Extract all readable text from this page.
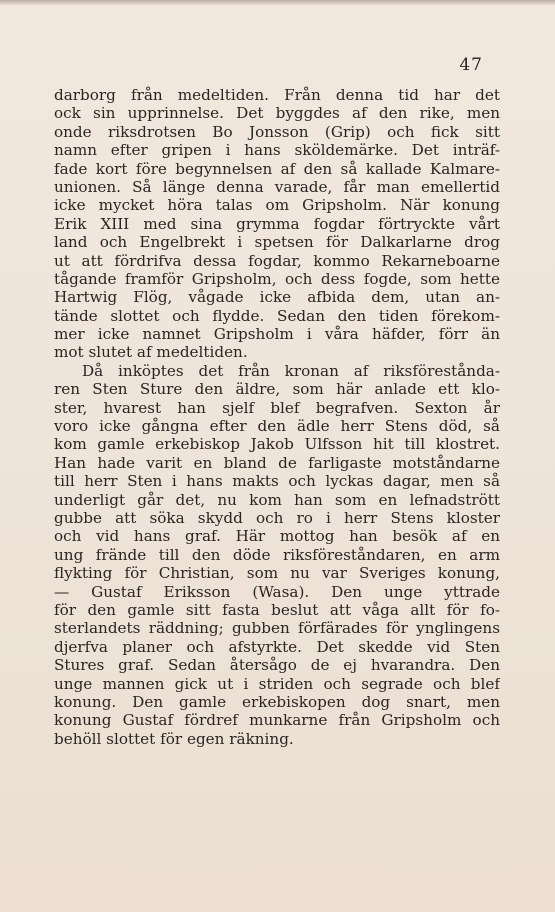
47
darborg från medeltiden. Från denna tid har det
ock sin upprinnelse. Det byggdes af den rike, men
onde riksdrotsen Bo Jonsson (Grip) och fick sitt
namn efter gripen i hans sköldemärke. Det inträf-
fade kort före begynnelsen af den så kallade Kalmare-
unionen. Så länge denna varade, får man emellertid
icke mycket höra talas om Gripsholm. När konung
Erik XIII med sina grymma fogdar förtryckte vårt
land och Engelbrekt i spetsen för Dalkarlarne drog
ut att fördrifva dessa fogdar, kommo Rekarneboarne
tågande framför Gripsholm, och dess fogde, som hette
Hartwig Flög, vågade icke afbida dem, utan an-
tände slottet och flydde. Sedan den tiden förekom-
mer icke namnet Gripsholm i våra häfder, förr än
mot slutet af medeltiden.
Då inköptes det från kronan af riksföreståndа-
ren Sten Sture den äldre, som här anlade ett klo-
ster, hvarest han sjelf blef begrafven. Sexton år
voro icke gångna efter den ädle herr Stens död, så
kom gamle erkebiskop Jakob Ulfsson hit till klostret.
Han hade varit en bland de farligaste motståndarne
till herr Sten i hans makts och lyckas dagar, men så
underligt går det, nu kom han som en lefnadstrött
gubbe att söka skydd och ro i herr Stens kloster
och vid hans graf. Här mottog han besök af en
ung frände till den döde riksföreståndaren, en arm
flykting för Christian, som nu var Sveriges konung,
— Gustaf Eriksson (Wasa). Den unge yttrade
för den gamle sitt fasta beslut att våga allt för fo-
sterlandets räddning; gubben förfärades för ynglingens
djerfva planer och afstyrkte. Det skedde vid Sten
Stures graf. Sedan återsågo de ej hvarandra. Den
unge mannen gick ut i striden och segrade och blef
konung. Den gamle erkebiskopen dog snart, men
konung Gustaf fördref munkarne från Gripsholm och
behöll slottet för egen räkning.
